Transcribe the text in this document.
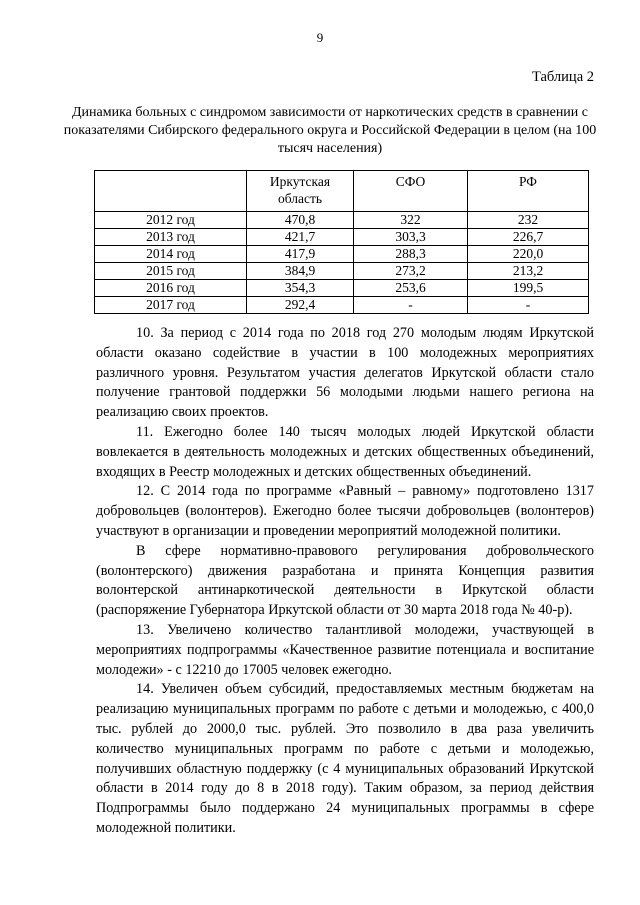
9
Таблица 2
Динамика больных с синдромом зависимости от наркотических средств в сравнении с показателями Сибирского федерального округа и Российской Федерации в целом (на 100 тысяч населения)
	Иркутская область	СФО	РФ
2012 год	470,8	322	232
2013 год	421,7	303,3	226,7
2014 год	417,9	288,3	220,0
2015 год	384,9	273,2	213,2
2016 год	354,3	253,6	199,5
2017 год	292,4	-	-

10. За период с 2014 года по 2018 год 270 молодым людям Иркутской области оказано содействие в участии в 100 молодежных мероприятиях различного уровня. Результатом участия делегатов Иркутской области стало получение грантовой поддержки 56 молодыми людьми нашего региона на реализацию своих проектов.

11. Ежегодно более 140 тысяч молодых людей Иркутской области вовлекается в деятельность молодежных и детских общественных объединений, входящих в Реестр молодежных и детских общественных объединений.

12. С 2014 года по программе «Равный – равному» подготовлено 1317 добровольцев (волонтеров). Ежегодно более тысячи добровольцев (волонтеров) участвуют в организации и проведении мероприятий молодежной политики.

В сфере нормативно-правового регулирования добровольческого (волонтерского) движения разработана и принята Концепция развития волонтерской антинаркотической деятельности в Иркутской области (распоряжение Губернатора Иркутской области от 30 марта 2018 года № 40-р).

13. Увеличено количество талантливой молодежи, участвующей в мероприятиях подпрограммы «Качественное развитие потенциала и воспитание молодежи» - с 12210 до 17005 человек ежегодно.

14. Увеличен объем субсидий, предоставляемых местным бюджетам на реализацию муниципальных программ по работе с детьми и молодежью, с 400,0 тыс. рублей до 2000,0 тыс. рублей. Это позволило в два раза увеличить количество муниципальных программ по работе с детьми и молодежью, получивших областную поддержку (с 4 муниципальных образований Иркутской области в 2014 году до 8 в 2018 году). Таким образом, за период действия Подпрограммы было поддержано 24 муниципальных программы в сфере молодежной политики.
